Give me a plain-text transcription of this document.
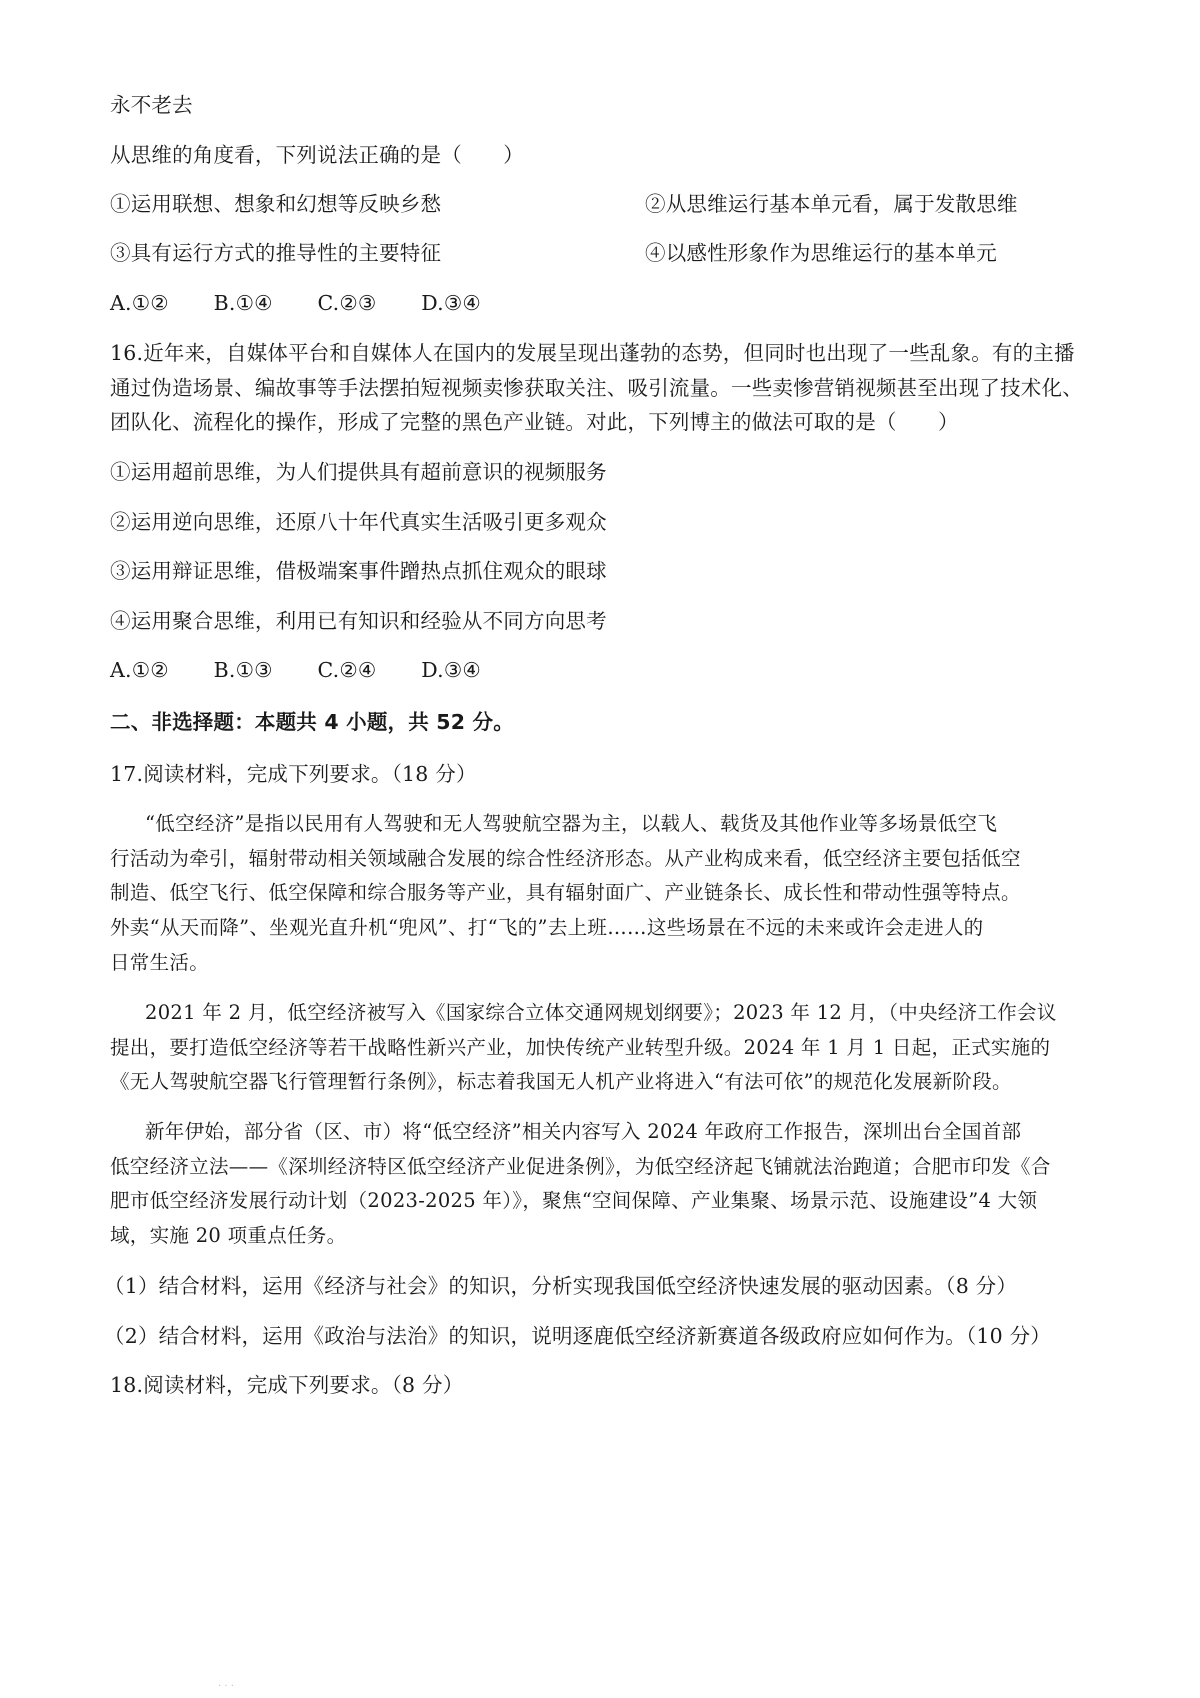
永不老去
从思维的角度看，下列说法正确的是（　　）
①运用联想、想象和幻想等反映乡愁	②从思维运行基本单元看，属于发散思维
③具有运行方式的推导性的主要特征	④以感性形象作为思维运行的基本单元
A.①② B.①④ C.②③ D.③④
16.近年来，自媒体平台和自媒体人在国内的发展呈现出蓬勃的态势，但同时也出现了一些乱象。有的主播
通过伪造场景、编故事等手法摆拍短视频卖惨获取关注、吸引流量。一些卖惨营销视频甚至出现了技术化、
团队化、流程化的操作，形成了完整的黑色产业链。对此，下列博主的做法可取的是（　　）
①运用超前思维，为人们提供具有超前意识的视频服务
②运用逆向思维，还原八十年代真实生活吸引更多观众
③运用辩证思维，借极端案事件蹭热点抓住观众的眼球
④运用聚合思维，利用已有知识和经验从不同方向思考
A.①② B.①③ C.②④ D.③④
二、非选择题：本题共 4 小题，共 52 分。
17.阅读材料，完成下列要求。（18 分）
“低空经济”是指以民用有人驾驶和无人驾驶航空器为主，以载人、载货及其他作业等多场景低空飞
行活动为牵引，辐射带动相关领域融合发展的综合性经济形态。从产业构成来看，低空经济主要包括低空
制造、低空飞行、低空保障和综合服务等产业，具有辐射面广、产业链条长、成长性和带动性强等特点。
外卖“从天而降”、坐观光直升机“兜风”、打“飞的”去上班……这些场景在不远的未来或许会走进人的
日常生活。
2021 年 2 月，低空经济被写入《国家综合立体交通网规划纲要》；2023 年 12 月，（中央经济工作会议
提出，要打造低空经济等若干战略性新兴产业，加快传统产业转型升级。2024 年 1 月 1 日起，正式实施的
《无人驾驶航空器飞行管理暂行条例》，标志着我国无人机产业将进入“有法可依”的规范化发展新阶段。
新年伊始，部分省（区、市）将“低空经济”相关内容写入 2024 年政府工作报告，深圳出台全国首部
低空经济立法——《深圳经济特区低空经济产业促进条例》，为低空经济起飞铺就法治跑道；合肥市印发《合
肥市低空经济发展行动计划（2023-2025 年）》，聚焦“空间保障、产业集聚、场景示范、设施建设”4 大领
域，实施 20 项重点任务。
（1）结合材料，运用《经济与社会》的知识，分析实现我国低空经济快速发展的驱动因素。（8 分）
（2）结合材料，运用《政治与法治》的知识，说明逐鹿低空经济新赛道各级政府应如何作为。（10 分）
18.阅读材料，完成下列要求。（8 分）
· · ·
